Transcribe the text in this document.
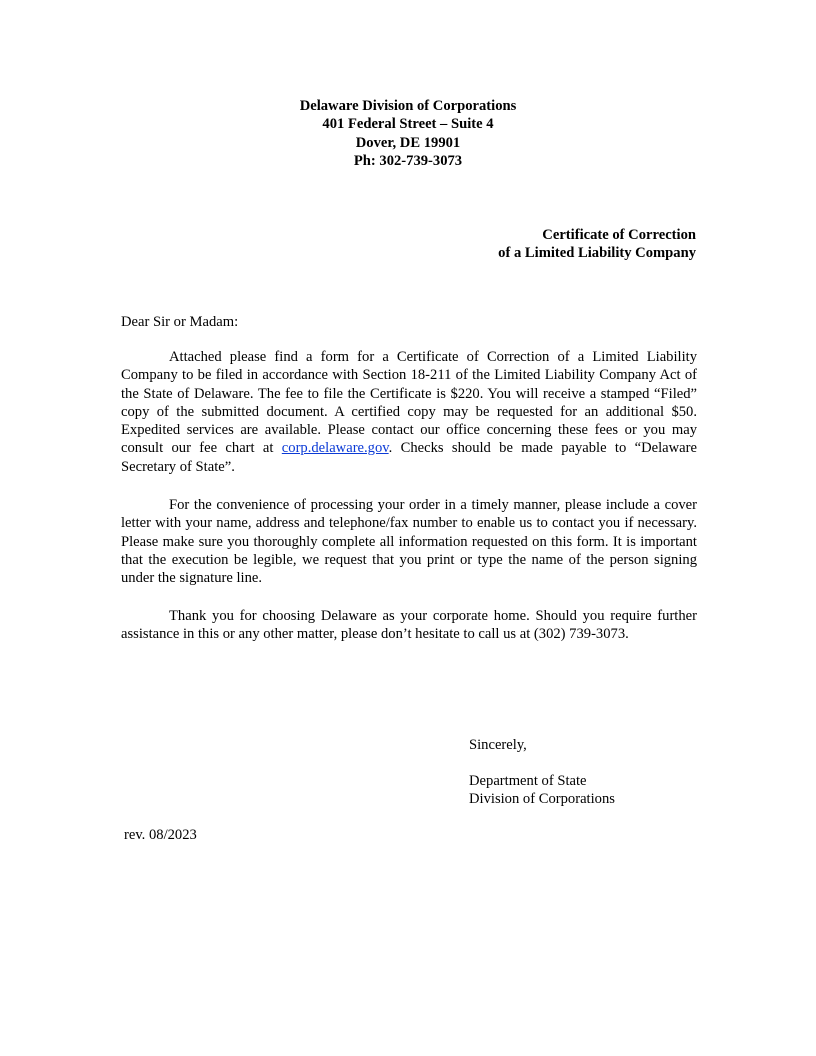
Delaware Division of Corporations
401 Federal Street – Suite 4
Dover, DE 19901
Ph: 302-739-3073
Certificate of Correction
of a Limited Liability Company
Dear Sir or Madam:

Attached please find a form for a Certificate of Correction of a Limited Liability Company to be filed in accordance with Section 18-211 of the Limited Liability Company Act of the State of Delaware. The fee to file the Certificate is $220. You will receive a stamped “Filed” copy of the submitted document. A certified copy may be requested for an additional $50. Expedited services are available. Please contact our office concerning these fees or you may consult our fee chart at corp.delaware.gov. Checks should be made payable to “Delaware Secretary of State”.

For the convenience of processing your order in a timely manner, please include a cover letter with your name, address and telephone/fax number to enable us to contact you if necessary. Please make sure you thoroughly complete all information requested on this form. It is important that the execution be legible, we request that you print or type the name of the person signing under the signature line.

Thank you for choosing Delaware as your corporate home. Should you require further assistance in this or any other matter, please don’t hesitate to call us at (302) 739-3073.

Sincerely,
Department of State
Division of Corporations
rev. 08/2023
